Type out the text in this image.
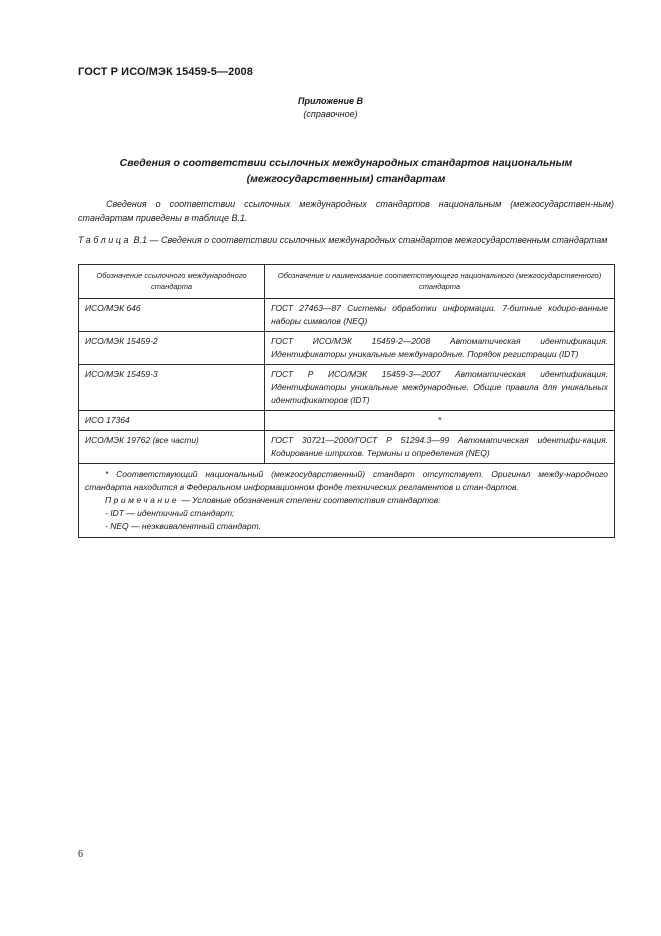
ГОСТ Р ИСО/МЭК 15459-5—2008
Приложение В
(справочное)
Сведения о соответствии ссылочных международных стандартов национальным
(межгосударственным) стандартам
Сведения о соответствии ссылочных международных стандартов национальным (межгосударствен-ным) стандартам приведены в таблице В.1.
Таблица В.1 — Сведения о соответствии ссылочных международных стандартов межгосударственным стандартам
Обозначение ссылочного международного стандарта	Обозначение и наименование соответствующего национального (межгосударственного) стандарта
ИСО/МЭК 646	ГОСТ 27463—87 Системы обработки информации. 7-битные кодиро-ванные наборы символов (NEQ)
ИСО/МЭК 15459-2	ГОСТ ИСО/МЭК 15459-2—2008 Автоматическая идентификация. Идентификаторы уникальные международные. Порядок регистрации (IDT)
ИСО/МЭК 15459-3	ГОСТ Р ИСО/МЭК 15459-3—2007 Автоматическая идентификация. Идентификаторы уникальные международные. Общие правила для уникальных идентификаторов (IDT)
ИСО 17364	*
ИСО/МЭК 19762 (все части)	ГОСТ 30721—2000/ГОСТ Р 51294.3—99 Автоматическая идентифи-кация. Кодирование штрихов. Термины и определения (NEQ)

* Соответствующий национальный (межгосударственный) стандарт отсутствует. Оригинал между-народного стандарта находится в Федеральном информационном фонде технических регламентов и стан-дартов.
Примечание — Условные обозначения степени соответствия стандартов:
- IDT — идентичный стандарт;
- NEQ — неэквивалентный стандарт.	
6
